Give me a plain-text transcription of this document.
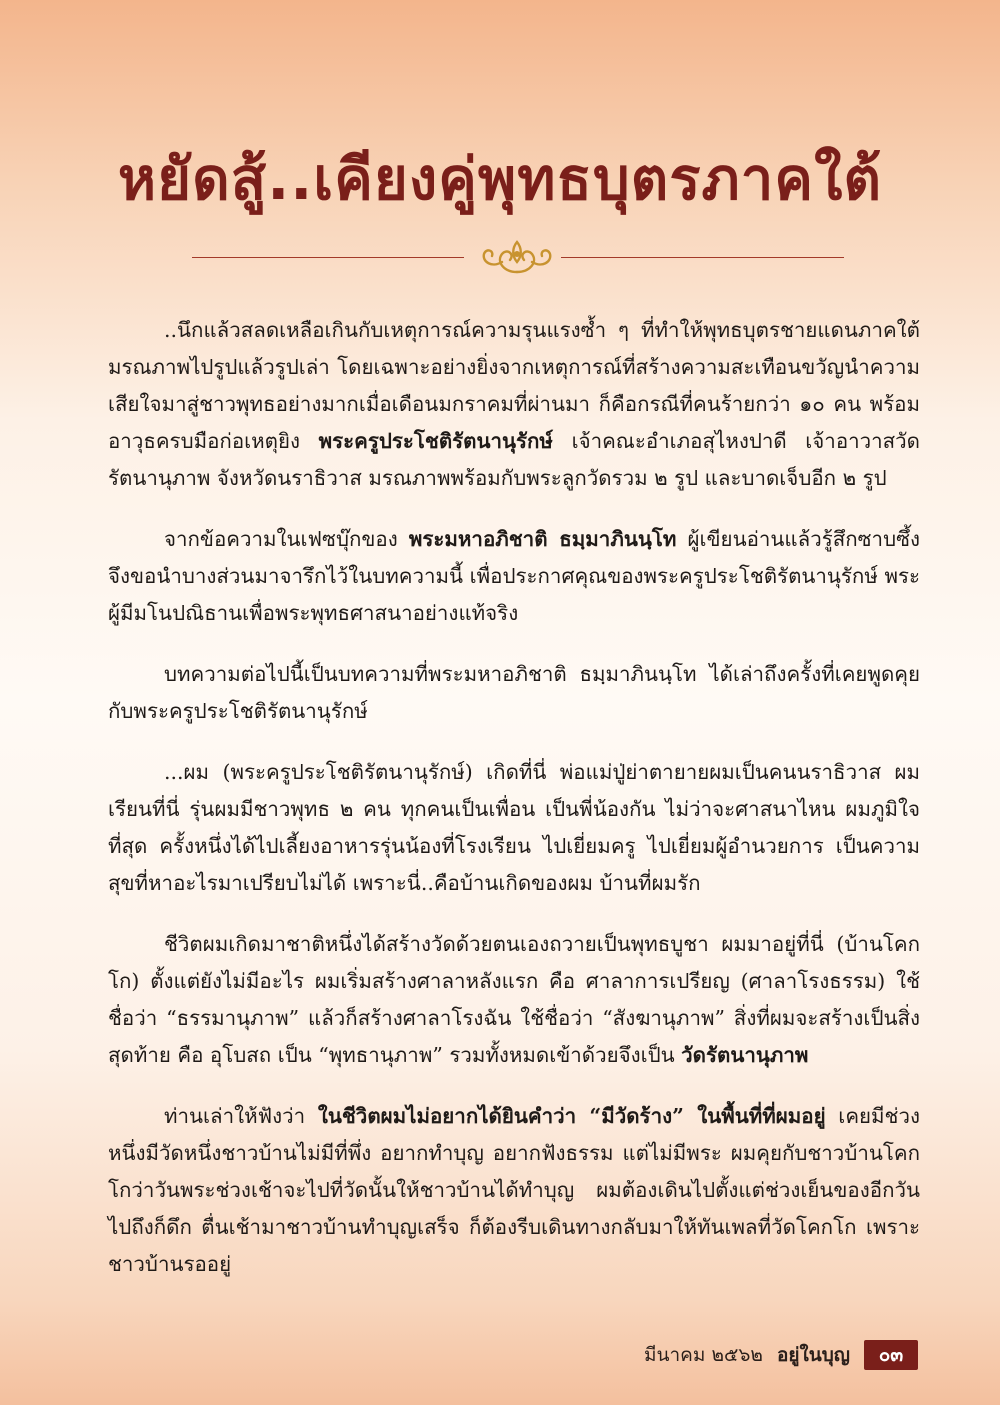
หยัดสู้..เคียงคู่พุทธบุตรภาคใต้

..นึกแล้วสลดเหลือเกินกับเหตุการณ์ความรุนแรงซ้ำ ๆ ที่ทำให้พุทธบุตรชายแดนภาคใต้มรณภาพไปรูปแล้วรูปเล่า โดยเฉพาะอย่างยิ่งจากเหตุการณ์ที่สร้างความสะเทือนขวัญนำความเสียใจมาสู่ชาวพุทธอย่างมากเมื่อเดือนมกราคมที่ผ่านมา ก็คือกรณีที่คนร้ายกว่า ๑๐ คน พร้อมอาวุธครบมือก่อเหตุยิง พระครูประโชติรัตนานุรักษ์ เจ้าคณะอำเภอสุไหงปาดี เจ้าอาวาสวัดรัตนานุภาพ จังหวัดนราธิวาส มรณภาพพร้อมกับพระลูกวัดรวม ๒ รูป และบาดเจ็บอีก ๒ รูป

จากข้อความในเฟซบุ๊กของ พระมหาอภิชาติ ธมฺมาภินนฺโท ผู้เขียนอ่านแล้วรู้สึกซาบซึ้ง จึงขอนำบางส่วนมาจารึกไว้ในบทความนี้ เพื่อประกาศคุณของพระครูประโชติรัตนานุรักษ์ พระผู้มีมโนปณิธานเพื่อพระพุทธศาสนาอย่างแท้จริง

บทความต่อไปนี้เป็นบทความที่พระมหาอภิชาติ ธมฺมาภินนฺโท ได้เล่าถึงครั้งที่เคยพูดคุยกับพระครูประโชติรัตนานุรักษ์

...ผม (พระครูประโชติรัตนานุรักษ์) เกิดที่นี่ พ่อแม่ปู่ย่าตายายผมเป็นคนนราธิวาส ผมเรียนที่นี่ รุ่นผมมีชาวพุทธ ๒ คน ทุกคนเป็นเพื่อน เป็นพี่น้องกัน ไม่ว่าจะศาสนาไหน ผมภูมิใจที่สุด ครั้งหนึ่งได้ไปเลี้ยงอาหารรุ่นน้องที่โรงเรียน ไปเยี่ยมครู ไปเยี่ยมผู้อำนวยการ เป็นความสุขที่หาอะไรมาเปรียบไม่ได้ เพราะนี่..คือบ้านเกิดของผม บ้านที่ผมรัก

ชีวิตผมเกิดมาชาติหนึ่งได้สร้างวัดด้วยตนเองถวายเป็นพุทธบูชา ผมมาอยู่ที่นี่ (บ้านโคกโก) ตั้งแต่ยังไม่มีอะไร ผมเริ่มสร้างศาลาหลังแรก คือ ศาลาการเปรียญ (ศาลาโรงธรรม) ใช้ชื่อว่า “ธรรมานุภาพ” แล้วก็สร้างศาลาโรงฉัน ใช้ชื่อว่า “สังฆานุภาพ” สิ่งที่ผมจะสร้างเป็นสิ่งสุดท้าย คือ อุโบสถ เป็น “พุทธานุภาพ” รวมทั้งหมดเข้าด้วยจึงเป็น วัดรัตนานุภาพ

ท่านเล่าให้ฟังว่า ในชีวิตผมไม่อยากได้ยินคำว่า “มีวัดร้าง” ในพื้นที่ที่ผมอยู่ เคยมีช่วงหนึ่งมีวัดหนึ่งชาวบ้านไม่มีที่พึ่ง อยากทำบุญ อยากฟังธรรม แต่ไม่มีพระ ผมคุยกับชาวบ้านโคกโกว่าวันพระช่วงเช้าจะไปที่วัดนั้นให้ชาวบ้านได้ทำบุญ ผมต้องเดินไปตั้งแต่ช่วงเย็นของอีกวัน ไปถึงก็ดึก ตื่นเช้ามาชาวบ้านทำบุญเสร็จ ก็ต้องรีบเดินทางกลับมาให้ทันเพลที่วัดโคกโก เพราะชาวบ้านรออยู่

มีนาคม ๒๕๖๒ อยู่ในบุญ	๐๓
